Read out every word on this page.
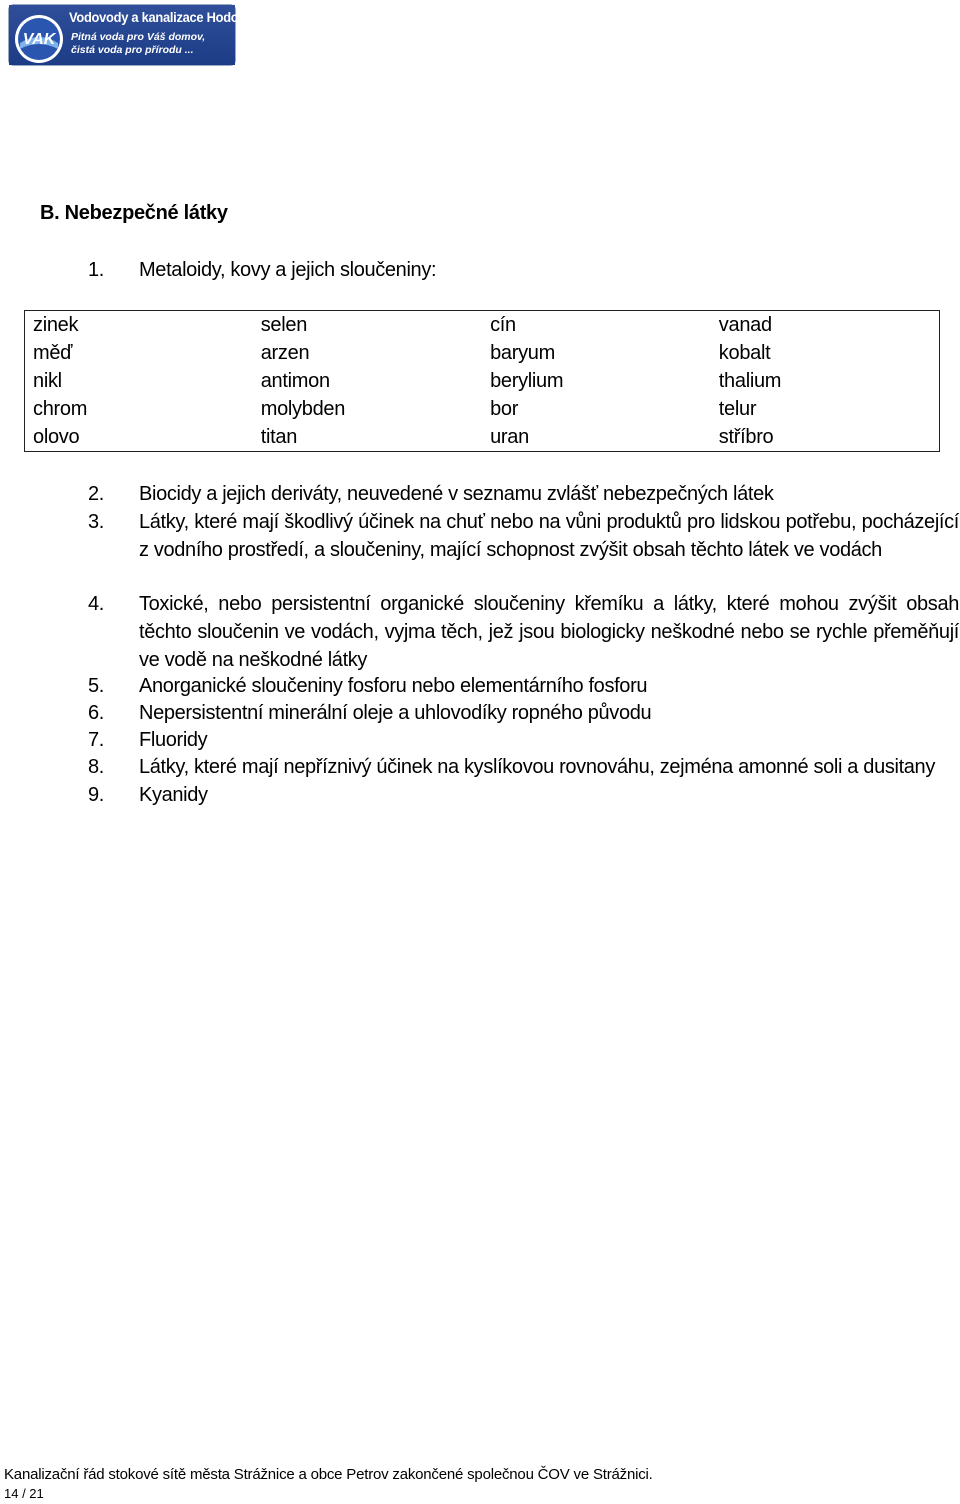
VAK
Vodovody a kanalizace Hodonín, a.s.
Pitná voda pro Váš domov,
čistá voda pro přírodu ...
B. Nebezpečné látky
1. Metaloidy, kovy a jejich sloučeniny:
zinek	selen	cín	vanad
měď	arzen	baryum	kobalt
nikl	antimon	berylium	thalium
chrom	molybden	bor	telur
olovo	titan	uran	stříbro
2. Biocidy a jejich deriváty, neuvedené v seznamu zvlášť nebezpečných látek
3. Látky, které mají škodlivý účinek na chuť nebo na vůni produktů pro lidskou potřebu, pocházející z vodního prostředí, a sloučeniny, mající schopnost zvýšit obsah těchto látek ve vodách
4. Toxické, nebo persistentní organické sloučeniny křemíku a látky, které mohou zvýšit obsah těchto sloučenin ve vodách, vyjma těch, jež jsou biologicky neškodné nebo se rychle přeměňují ve vodě na neškodné látky
5. Anorganické sloučeniny fosforu nebo elementárního fosforu
6. Nepersistentní minerální oleje a uhlovodíky ropného původu
7. Fluoridy
8. Látky, které mají nepříznivý účinek na kyslíkovou rovnováhu, zejména amonné soli a dusitany
9. Kyanidy
Kanalizační řád stokové sítě města Strážnice a obce Petrov zakončené společnou ČOV ve Strážnici.
14 / 21
